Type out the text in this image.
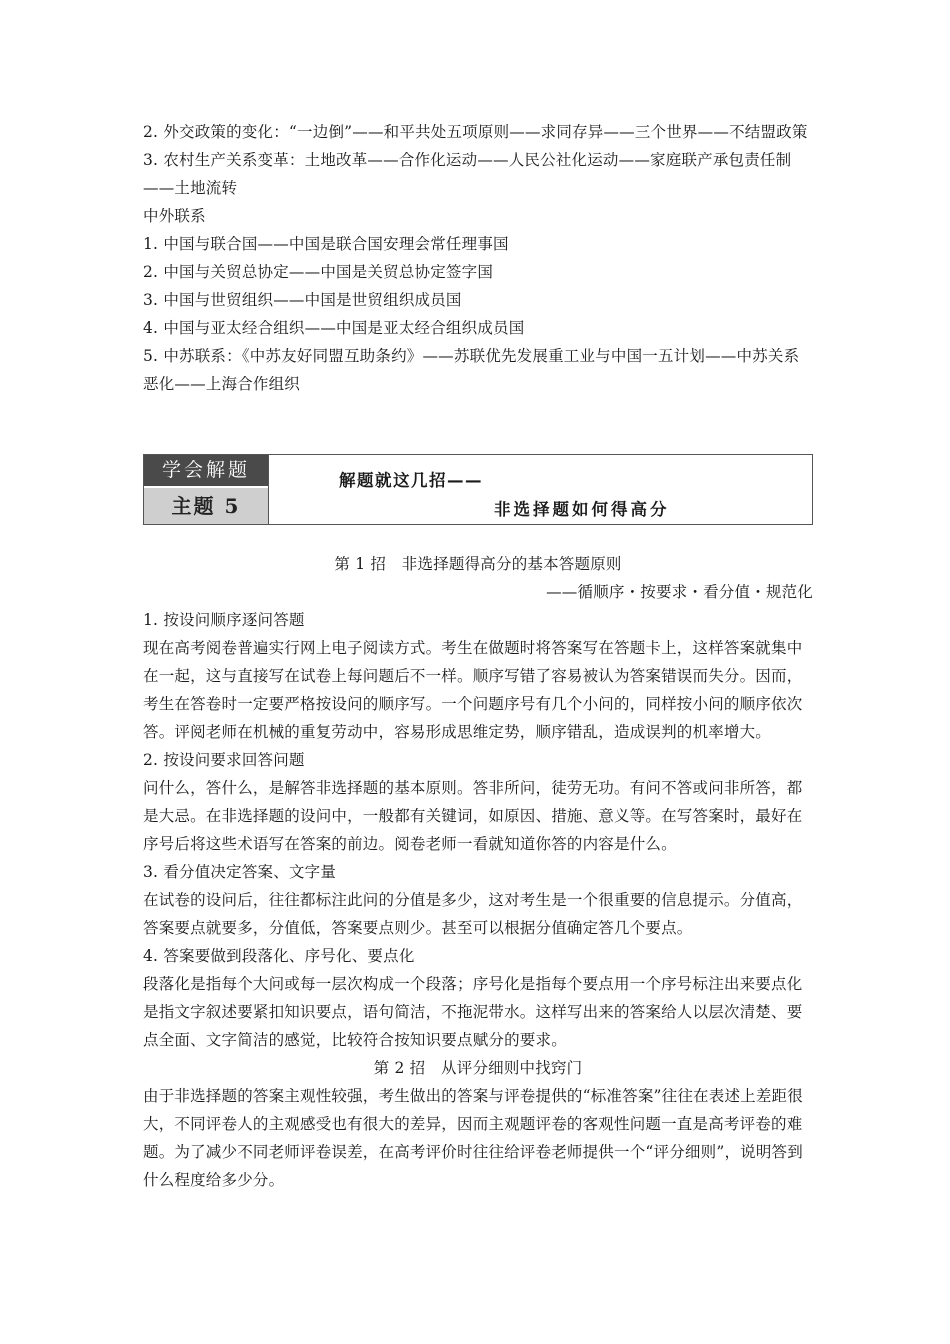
2. 外交政策的变化：“一边倒”——和平共处五项原则——求同存异——三个世界——不结盟政策

3. 农村生产关系变革：土地改革——合作化运动——人民公社化运动——家庭联产承包责任制——土地流转

中外联系

1. 中国与联合国——中国是联合国安理会常任理事国

2. 中国与关贸总协定——中国是关贸总协定签字国

3. 中国与世贸组织——中国是世贸组织成员国

4. 中国与亚太经合组织——中国是亚太经合组织成员国

5. 中苏联系：《中苏友好同盟互助条约》——苏联优先发展重工业与中国一五计划——中苏关系恶化——上海合作组织

学会解题
主题 5
解题就这几招——
非选择题如何得高分

第 1 招　非选择题得高分的基本答题原则

——循顺序・按要求・看分值・规范化

1. 按设问顺序逐问答题

现在高考阅卷普遍实行网上电子阅读方式。考生在做题时将答案写在答题卡上，这样答案就集中在一起，这与直接写在试卷上每问题后不一样。顺序写错了容易被认为答案错误而失分。因而，考生在答卷时一定要严格按设问的顺序写。一个问题序号有几个小问的，同样按小问的顺序依次答。评阅老师在机械的重复劳动中，容易形成思维定势，顺序错乱，造成误判的机率增大。

2. 按设问要求回答问题

问什么，答什么，是解答非选择题的基本原则。答非所问，徒劳无功。有问不答或问非所答，都是大忌。在非选择题的设问中，一般都有关键词，如原因、措施、意义等。在写答案时，最好在序号后将这些术语写在答案的前边。阅卷老师一看就知道你答的内容是什么。

3. 看分值决定答案、文字量

在试卷的设问后，往往都标注此问的分值是多少，这对考生是一个很重要的信息提示。分值高，答案要点就要多，分值低，答案要点则少。甚至可以根据分值确定答几个要点。

4. 答案要做到段落化、序号化、要点化

段落化是指每个大问或每一层次构成一个段落；序号化是指每个要点用一个序号标注出来要点化是指文字叙述要紧扣知识要点，语句简洁，不拖泥带水。这样写出来的答案给人以层次清楚、要点全面、文字简洁的感觉，比较符合按知识要点赋分的要求。

第 2 招　从评分细则中找窍门

由于非选择题的答案主观性较强，考生做出的答案与评卷提供的“标准答案”往往在表述上差距很大，不同评卷人的主观感受也有很大的差异，因而主观题评卷的客观性问题一直是高考评卷的难题。为了减少不同老师评卷误差，在高考评价时往往给评卷老师提供一个“评分细则”，说明答到什么程度给多少分。
